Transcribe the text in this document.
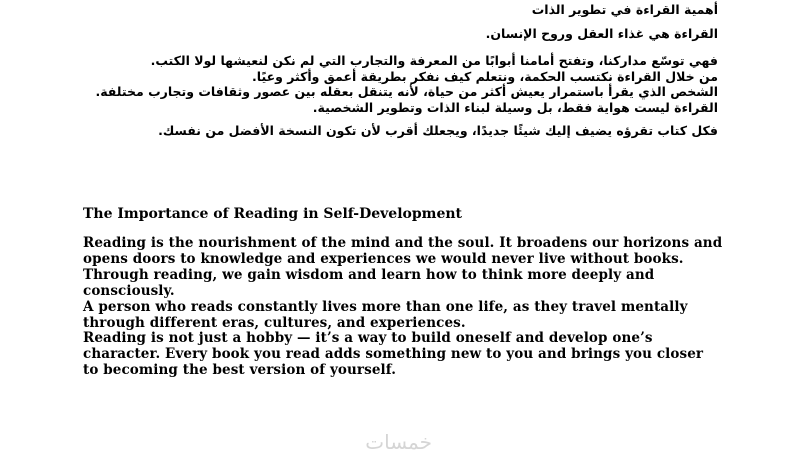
أهمية القراءة في تطوير الذات

القراءة هي غذاء العقل وروح الإنسان.

فهي توسّع مداركنا، وتفتح أمامنا أبوابًا من المعرفة والتجارب التي لم نكن لنعيشها لولا الكتب.

من خلال القراءة نكتسب الحكمة، ونتعلم كيف نفكر بطريقة أعمق وأكثر وعيًا.

الشخص الذي يقرأ باستمرار يعيش أكثر من حياة، لأنه يتنقل بعقله بين عصور وثقافات وتجارب مختلفة.

القراءة ليست هواية فقط، بل وسيلة لبناء الذات وتطوير الشخصية.

فكل كتاب تقرؤه يضيف إليك شيئًا جديدًا، ويجعلك أقرب لأن تكون النسخة الأفضل من نفسك.

The Importance of Reading in Self-Development

Reading is the nourishment of the mind and the soul. It broadens our horizons and opens doors to knowledge and experiences we would never live without books.

Through reading, we gain wisdom and learn how to think more deeply and consciously.

A person who reads constantly lives more than one life, as they travel mentally through different eras, cultures, and experiences.

Reading is not just a hobby — it’s a way to build oneself and develop one’s character. Every book you read adds something new to you and brings you closer to becoming the best version of yourself.

خمسات
